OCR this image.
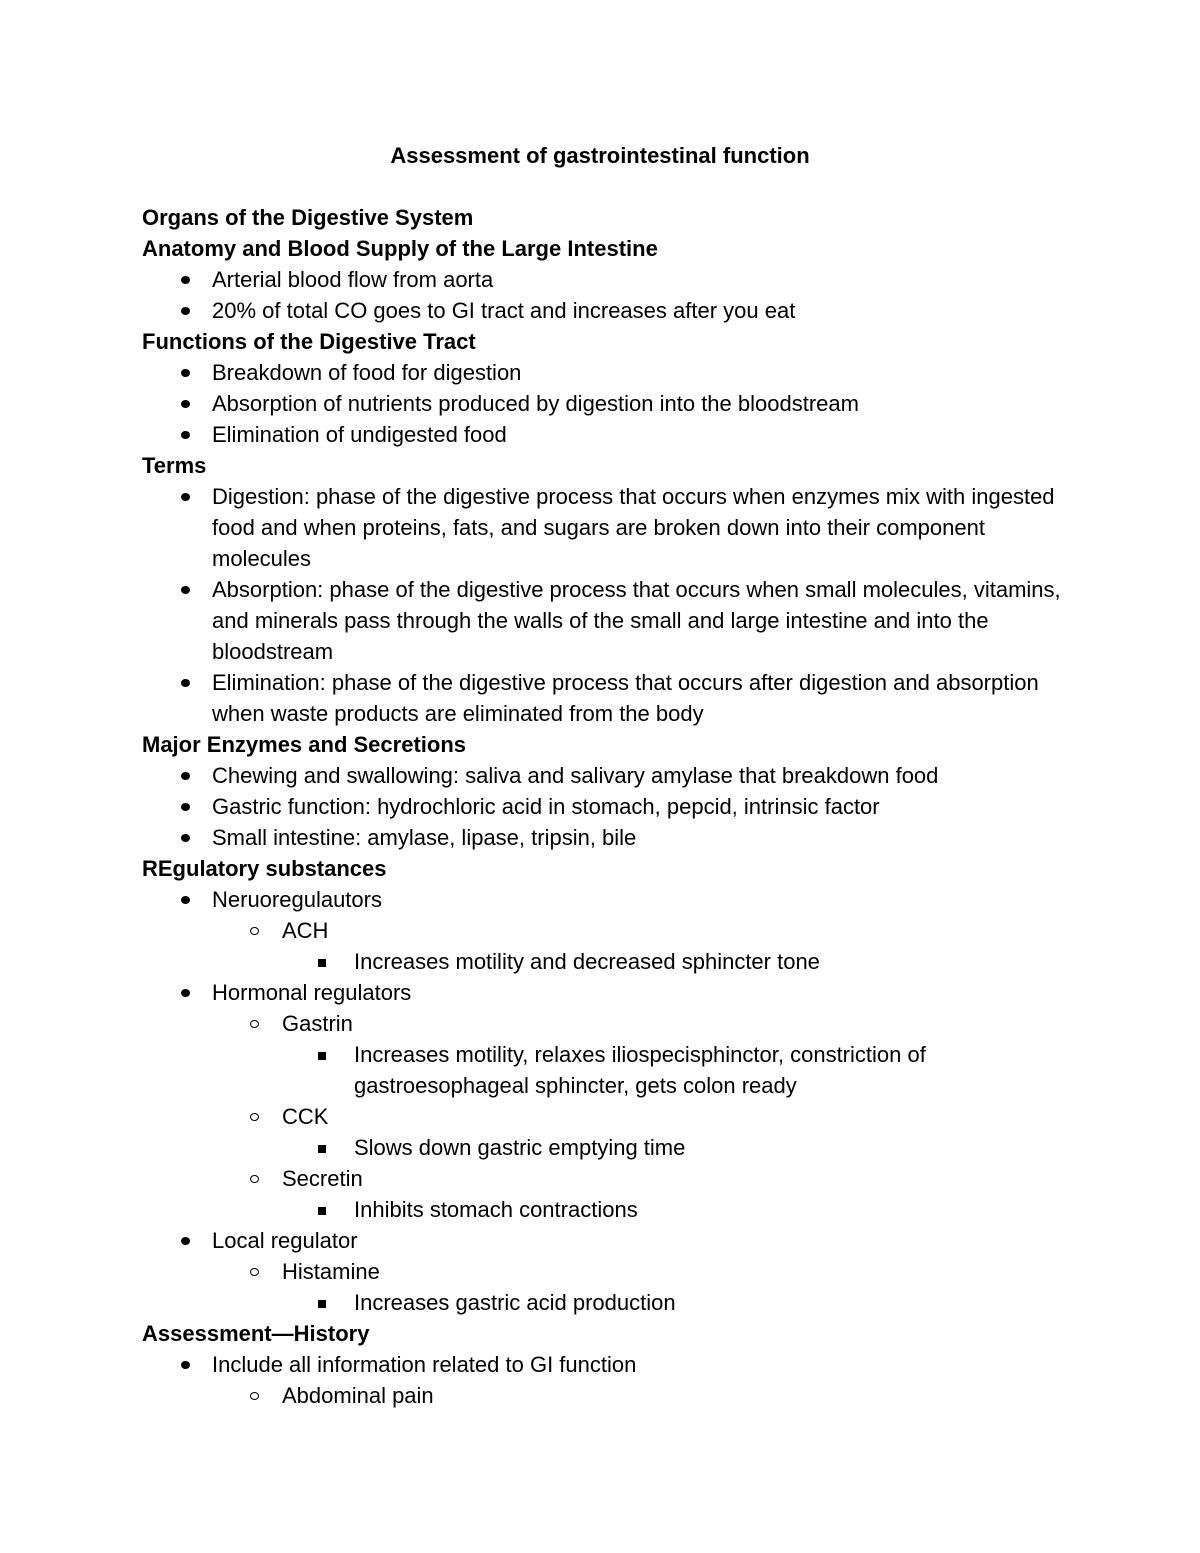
Assessment of gastrointestinal function

Organs of the Digestive System

Anatomy and Blood Supply of the Large Intestine

Arterial blood flow from aorta
20% of total CO goes to GI tract and increases after you eat

Functions of the Digestive Tract

Breakdown of food for digestion
Absorption of nutrients produced by digestion into the bloodstream
Elimination of undigested food

Terms

Digestion: phase of the digestive process that occurs when enzymes mix with ingested food and when proteins, fats, and sugars are broken down into their component molecules
Absorption: phase of the digestive process that occurs when small molecules, vitamins, and minerals pass through the walls of the small and large intestine and into the bloodstream
Elimination: phase of the digestive process that occurs after digestion and absorption when waste products are eliminated from the body

Major Enzymes and Secretions

Chewing and swallowing: saliva and salivary amylase that breakdown food
Gastric function: hydrochloric acid in stomach, pepcid, intrinsic factor
Small intestine: amylase, lipase, tripsin, bile

REgulatory substances

Neruoregulautors
ACH
Increases motility and decreased sphincter tone
Hormonal regulators
Gastrin
Increases motility, relaxes iliospecisphinctor, constriction of gastroesophageal sphincter, gets colon ready
CCK
Slows down gastric emptying time
Secretin
Inhibits stomach contractions
Local regulator
Histamine
Increases gastric acid production

Assessment—History

Include all information related to GI function
Abdominal pain
